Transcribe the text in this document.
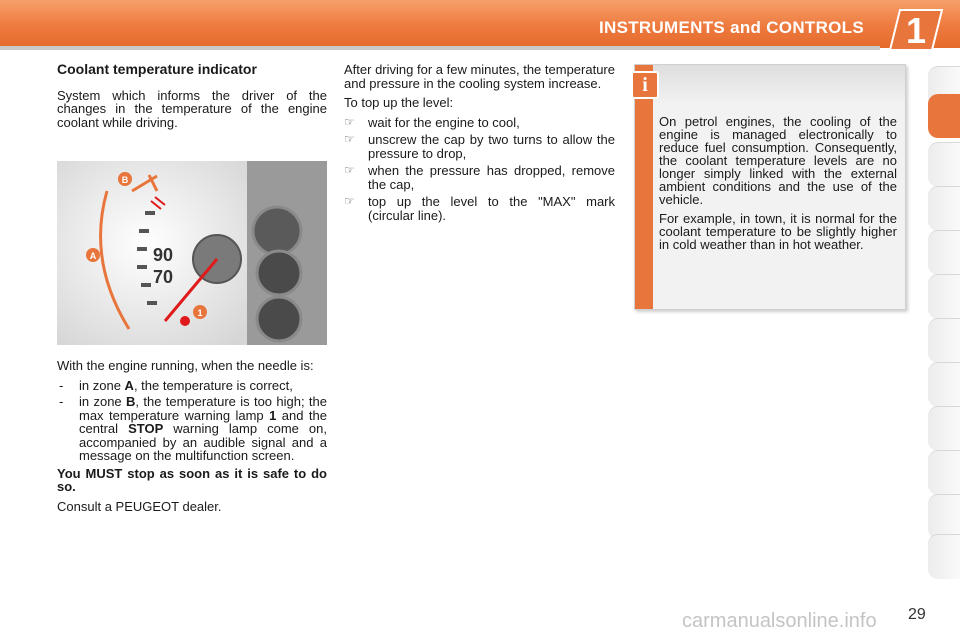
INSTRUMENTS and CONTROLS 1
Coolant temperature indicator

System which informs the driver of the changes in the temperature of the engine coolant while driving.

90
70
B
A
1

With the engine running, when the needle is:

- in zone A, the temperature is correct,
- in zone B, the temperature is too high; the max temperature warning lamp 1 and the central STOP warning lamp come on, accompanied by an audible signal and a message on the multifunction screen.

You MUST stop as soon as it is safe to do so.

Consult a PEUGEOT dealer.

After driving for a few minutes, the temperature and pressure in the cooling system increase.

To top up the level:

☞ wait for the engine to cool,
☞ unscrew the cap by two turns to allow the pressure to drop,
☞ when the pressure has dropped, remove the cap,
☞ top up the level to the "MAX" mark (circular line).
i

On petrol engines, the cooling of the engine is managed electronically to reduce fuel consumption. Consequently, the coolant temperature levels are no longer simply linked with the external ambient conditions and the use of the vehicle.

For example, in town, it is normal for the coolant temperature to be slightly higher in cold weather than in hot weather.

carmanualsonline.info 29
